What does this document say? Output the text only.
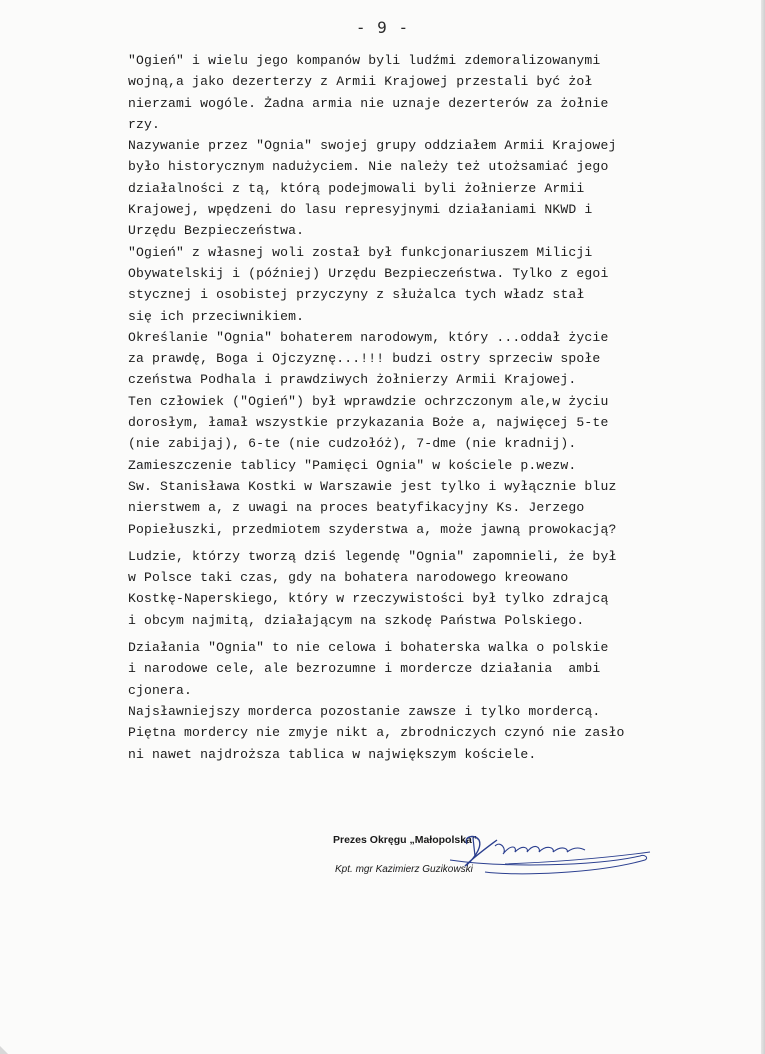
- 9 -
"Ogień" i wielu jego kompanów byli ludźmi zdemoralizowanymi
wojną,a jako dezerterzy z Armii Krajowej przestali być żoł
nierzami wogóle. Żadna armia nie uznaje dezerterów za żołnie
rzy.
Nazywanie przez "Ognia" swojej grupy oddziałem Armii Krajowej
było historycznym nadużyciem. Nie należy też utożsamiać jego
działalności z tą, którą podejmowali byli żołnierze Armii
Krajowej, wpędzeni do lasu represyjnymi działaniami NKWD i
Urzędu Bezpieczeństwa.
"Ogień" z własnej woli został był funkcjonariuszem Milicji
Obywatelskij i (później) Urzędu Bezpieczeństwa. Tylko z egoi
stycznej i osobistej przyczyny z służalca tych władz stał
się ich przeciwnikiem.
Określanie "Ognia" bohaterem narodowym, który ...oddał życie
za prawdę, Boga i Ojczyznę...!!! budzi ostry sprzeciw społe
czeństwa Podhala i prawdziwych żołnierzy Armii Krajowej.
Ten człowiek ("Ogień") był wprawdzie ochrzczonym ale,w życiu
dorosłym, łamał wszystkie przykazania Boże a, najwięcej 5-te
(nie zabijaj), 6-te (nie cudzołóż), 7-dme (nie kradnij).
Zamieszczenie tablicy "Pamięci Ognia" w kościele p.wezw.
Sw. Stanisława Kostki w Warszawie jest tylko i wyłącznie bluz
nierstwem a, z uwagi na proces beatyfikacyjny Ks. Jerzego
Popiełuszki, przedmiotem szyderstwa a, może jawną prowokacją?
Ludzie, którzy tworzą dziś legendę "Ognia" zapomnieli, że był
w Polsce taki czas, gdy na bohatera narodowego kreowano
Kostkę-Naperskiego, który w rzeczywistości był tylko zdrajcą
i obcym najmitą, działającym na szkodę Państwa Polskiego.
Działania "Ognia" to nie celowa i bohaterska walka o polskie
i narodowe cele, ale bezrozumne i mordercze działania  ambi
cjonera.
Najsławniejszy morderca pozostanie zawsze i tylko mordercą.
Piętna mordercy nie zmyje nikt a, zbrodniczych czynó nie zasło
ni nawet najdroższa tablica w największym kościele.
Prezes Okręgu „Małopolska"
Kpt. mgr Kazimierz Guzikowski
